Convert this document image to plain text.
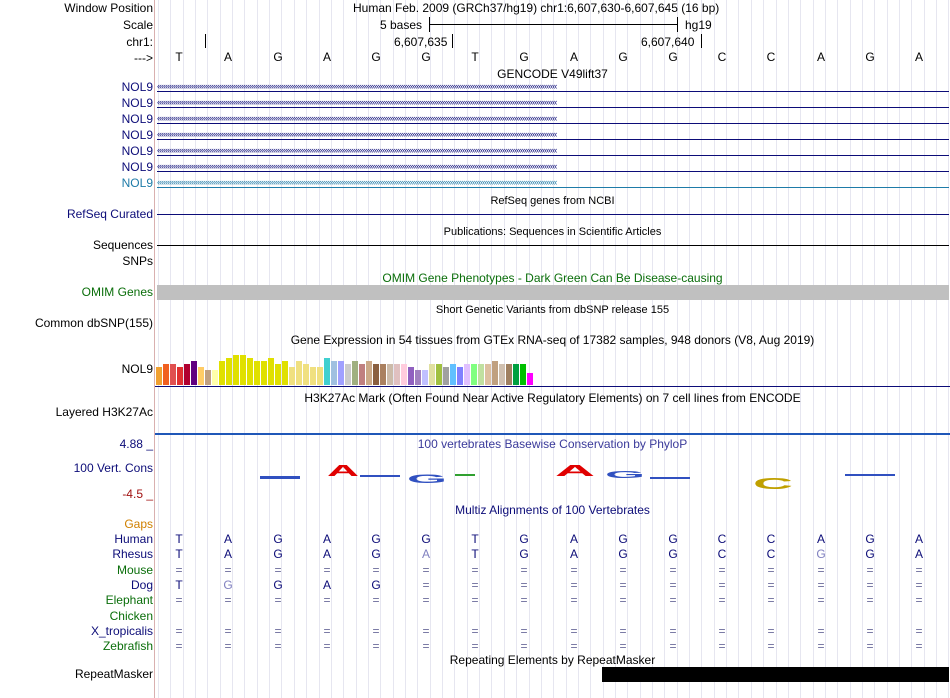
Window Position	Human Feb. 2009 (GRCh37/hg19) chr1:6,607,630-6,607,645 (16 bp)
Scale	5 bases	hg19
chr1:	6,607,635	6,607,640
--->	T	A	G	A	G	G	T	G	A	G	G	C	C	A	G	A
GENCODE V49lift37
NOL9 ‹‹‹‹‹‹‹‹‹‹‹‹‹‹‹‹‹‹‹‹‹‹‹‹‹‹‹‹‹‹‹‹‹‹‹‹‹‹‹‹‹‹‹‹‹‹‹‹‹‹‹‹‹‹‹‹‹‹‹‹‹‹‹‹‹‹‹‹‹‹‹‹‹‹‹‹‹‹‹‹‹‹‹‹‹‹‹‹‹‹‹‹‹‹‹‹‹‹‹‹‹‹‹‹‹‹‹‹‹‹‹‹‹‹‹‹‹‹‹‹‹‹‹‹‹‹‹‹‹‹‹‹‹‹‹‹‹‹‹‹‹‹‹‹‹‹‹‹‹‹‹‹‹‹‹‹‹‹‹‹‹‹‹‹‹‹‹‹‹‹‹‹‹‹‹‹‹‹‹‹‹‹‹‹‹‹‹‹‹‹‹‹‹‹‹‹‹‹‹‹
NOL9 ‹‹‹‹‹‹‹‹‹‹‹‹‹‹‹‹‹‹‹‹‹‹‹‹‹‹‹‹‹‹‹‹‹‹‹‹‹‹‹‹‹‹‹‹‹‹‹‹‹‹‹‹‹‹‹‹‹‹‹‹‹‹‹‹‹‹‹‹‹‹‹‹‹‹‹‹‹‹‹‹‹‹‹‹‹‹‹‹‹‹‹‹‹‹‹‹‹‹‹‹‹‹‹‹‹‹‹‹‹‹‹‹‹‹‹‹‹‹‹‹‹‹‹‹‹‹‹‹‹‹‹‹‹‹‹‹‹‹‹‹‹‹‹‹‹‹‹‹‹‹‹‹‹‹‹‹‹‹‹‹‹‹‹‹‹‹‹‹‹‹‹‹‹‹‹‹‹‹‹‹‹‹‹‹‹‹‹‹‹‹‹‹‹‹‹‹‹‹‹‹
NOL9 ‹‹‹‹‹‹‹‹‹‹‹‹‹‹‹‹‹‹‹‹‹‹‹‹‹‹‹‹‹‹‹‹‹‹‹‹‹‹‹‹‹‹‹‹‹‹‹‹‹‹‹‹‹‹‹‹‹‹‹‹‹‹‹‹‹‹‹‹‹‹‹‹‹‹‹‹‹‹‹‹‹‹‹‹‹‹‹‹‹‹‹‹‹‹‹‹‹‹‹‹‹‹‹‹‹‹‹‹‹‹‹‹‹‹‹‹‹‹‹‹‹‹‹‹‹‹‹‹‹‹‹‹‹‹‹‹‹‹‹‹‹‹‹‹‹‹‹‹‹‹‹‹‹‹‹‹‹‹‹‹‹‹‹‹‹‹‹‹‹‹‹‹‹‹‹‹‹‹‹‹‹‹‹‹‹‹‹‹‹‹‹‹‹‹‹‹‹‹‹‹
NOL9 ‹‹‹‹‹‹‹‹‹‹‹‹‹‹‹‹‹‹‹‹‹‹‹‹‹‹‹‹‹‹‹‹‹‹‹‹‹‹‹‹‹‹‹‹‹‹‹‹‹‹‹‹‹‹‹‹‹‹‹‹‹‹‹‹‹‹‹‹‹‹‹‹‹‹‹‹‹‹‹‹‹‹‹‹‹‹‹‹‹‹‹‹‹‹‹‹‹‹‹‹‹‹‹‹‹‹‹‹‹‹‹‹‹‹‹‹‹‹‹‹‹‹‹‹‹‹‹‹‹‹‹‹‹‹‹‹‹‹‹‹‹‹‹‹‹‹‹‹‹‹‹‹‹‹‹‹‹‹‹‹‹‹‹‹‹‹‹‹‹‹‹‹‹‹‹‹‹‹‹‹‹‹‹‹‹‹‹‹‹‹‹‹‹‹‹‹‹‹‹‹
NOL9 ‹‹‹‹‹‹‹‹‹‹‹‹‹‹‹‹‹‹‹‹‹‹‹‹‹‹‹‹‹‹‹‹‹‹‹‹‹‹‹‹‹‹‹‹‹‹‹‹‹‹‹‹‹‹‹‹‹‹‹‹‹‹‹‹‹‹‹‹‹‹‹‹‹‹‹‹‹‹‹‹‹‹‹‹‹‹‹‹‹‹‹‹‹‹‹‹‹‹‹‹‹‹‹‹‹‹‹‹‹‹‹‹‹‹‹‹‹‹‹‹‹‹‹‹‹‹‹‹‹‹‹‹‹‹‹‹‹‹‹‹‹‹‹‹‹‹‹‹‹‹‹‹‹‹‹‹‹‹‹‹‹‹‹‹‹‹‹‹‹‹‹‹‹‹‹‹‹‹‹‹‹‹‹‹‹‹‹‹‹‹‹‹‹‹‹‹‹‹‹‹
NOL9 ‹‹‹‹‹‹‹‹‹‹‹‹‹‹‹‹‹‹‹‹‹‹‹‹‹‹‹‹‹‹‹‹‹‹‹‹‹‹‹‹‹‹‹‹‹‹‹‹‹‹‹‹‹‹‹‹‹‹‹‹‹‹‹‹‹‹‹‹‹‹‹‹‹‹‹‹‹‹‹‹‹‹‹‹‹‹‹‹‹‹‹‹‹‹‹‹‹‹‹‹‹‹‹‹‹‹‹‹‹‹‹‹‹‹‹‹‹‹‹‹‹‹‹‹‹‹‹‹‹‹‹‹‹‹‹‹‹‹‹‹‹‹‹‹‹‹‹‹‹‹‹‹‹‹‹‹‹‹‹‹‹‹‹‹‹‹‹‹‹‹‹‹‹‹‹‹‹‹‹‹‹‹‹‹‹‹‹‹‹‹‹‹‹‹‹‹‹‹‹‹
NOL9 ‹‹‹‹‹‹‹‹‹‹‹‹‹‹‹‹‹‹‹‹‹‹‹‹‹‹‹‹‹‹‹‹‹‹‹‹‹‹‹‹‹‹‹‹‹‹‹‹‹‹‹‹‹‹‹‹‹‹‹‹‹‹‹‹‹‹‹‹‹‹‹‹‹‹‹‹‹‹‹‹‹‹‹‹‹‹‹‹‹‹‹‹‹‹‹‹‹‹‹‹‹‹‹‹‹‹‹‹‹‹‹‹‹‹‹‹‹‹‹‹‹‹‹‹‹‹‹‹‹‹‹‹‹‹‹‹‹‹‹‹‹‹‹‹‹‹‹‹‹‹‹‹‹‹‹‹‹‹‹‹‹‹‹‹‹‹‹‹‹‹‹‹‹‹‹‹‹‹‹‹‹‹‹‹‹‹‹‹‹‹‹‹‹‹‹‹‹‹‹‹
RefSeq genes from NCBI
RefSeq Curated
Publications: Sequences in Scientific Articles
Sequences
SNPs
OMIM Gene Phenotypes - Dark Green Can Be Disease-causing
OMIM Genes
Short Genetic Variants from dbSNP release 155
Common dbSNP(155)
Gene Expression in 54 tissues from GTEx RNA-seq of 17382 samples, 948 donors (V8, Aug 2019)
NOL9
H3K27Ac Mark (Often Found Near Active Regulatory Elements) on 7 cell lines from ENCODE
Layered H3K27Ac
4.88 _	100 vertebrates Basewise Conservation by PhyloP
100 Vert. Cons
-4.5 _
A	G	A G
C
Multiz Alignments of 100 Vertebrates
Gaps
Human	T	A	G	A	G	G	T	G	A	G	G	C	C	A	G	A
Rhesus	T	A	G	A	G	A	T	G	A	G	G	C	C	G	G	A
Mouse	=	=	=	=	=	=	=	=	=	=	=	=	=	=	=	=
Dog	T	G	G	A	G	=	=	=	=	=	=	=	=	=	=	=
Elephant	=	=	=	=	=	=	=	=	=	=	=	=	=	=	=	=
Chicken
X_tropicalis	=	=	=	=	=	=	=	=	=	=	=	=	=	=	=	=
Zebrafish	=	=	=	=	=	=	=	=	=	=	=	=	=	=	=	=
Repeating Elements by RepeatMasker
RepeatMasker
